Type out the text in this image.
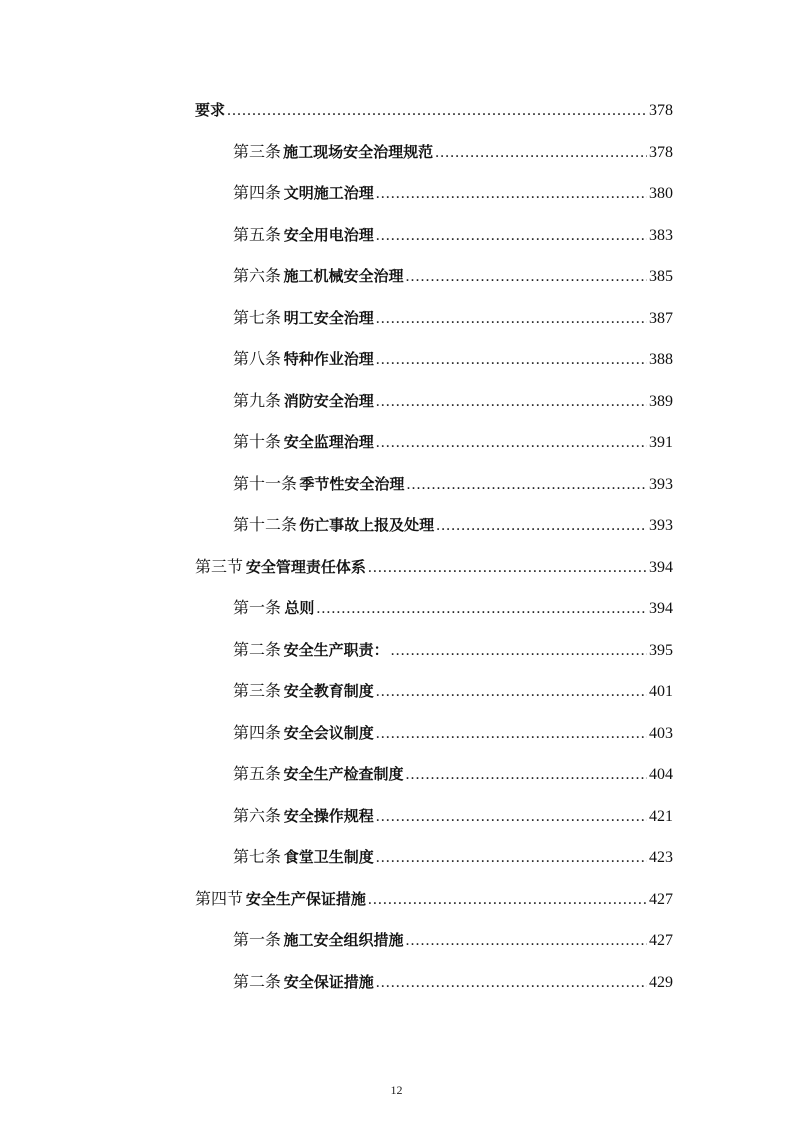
要求 .....	378
第三条 施工现场安全治理规范 .....	378
第四条 文明施工治理 .....	380
第五条 安全用电治理 .....	383
第六条 施工机械安全治理 .....	385
第七条 明工安全治理 .....	387
第八条 特种作业治理 .....	388
第九条 消防安全治理 .....	389
第十条 安全监理治理 .....	391
第十一条 季节性安全治理 .....	393
第十二条 伤亡事故上报及处理 .....	393
第三节 安全管理责任体系 .....	394
第一条 总则 .....	394
第二条 安全生产职责： .....	395
第三条 安全教育制度 .....	401
第四条 安全会议制度 .....	403
第五条 安全生产检查制度 .....	404
第六条 安全操作规程 .....	421
第七条 食堂卫生制度 .....	423
第四节 安全生产保证措施 .....	427
第一条 施工安全组织措施 .....	427
第二条 安全保证措施 .....	429
12
